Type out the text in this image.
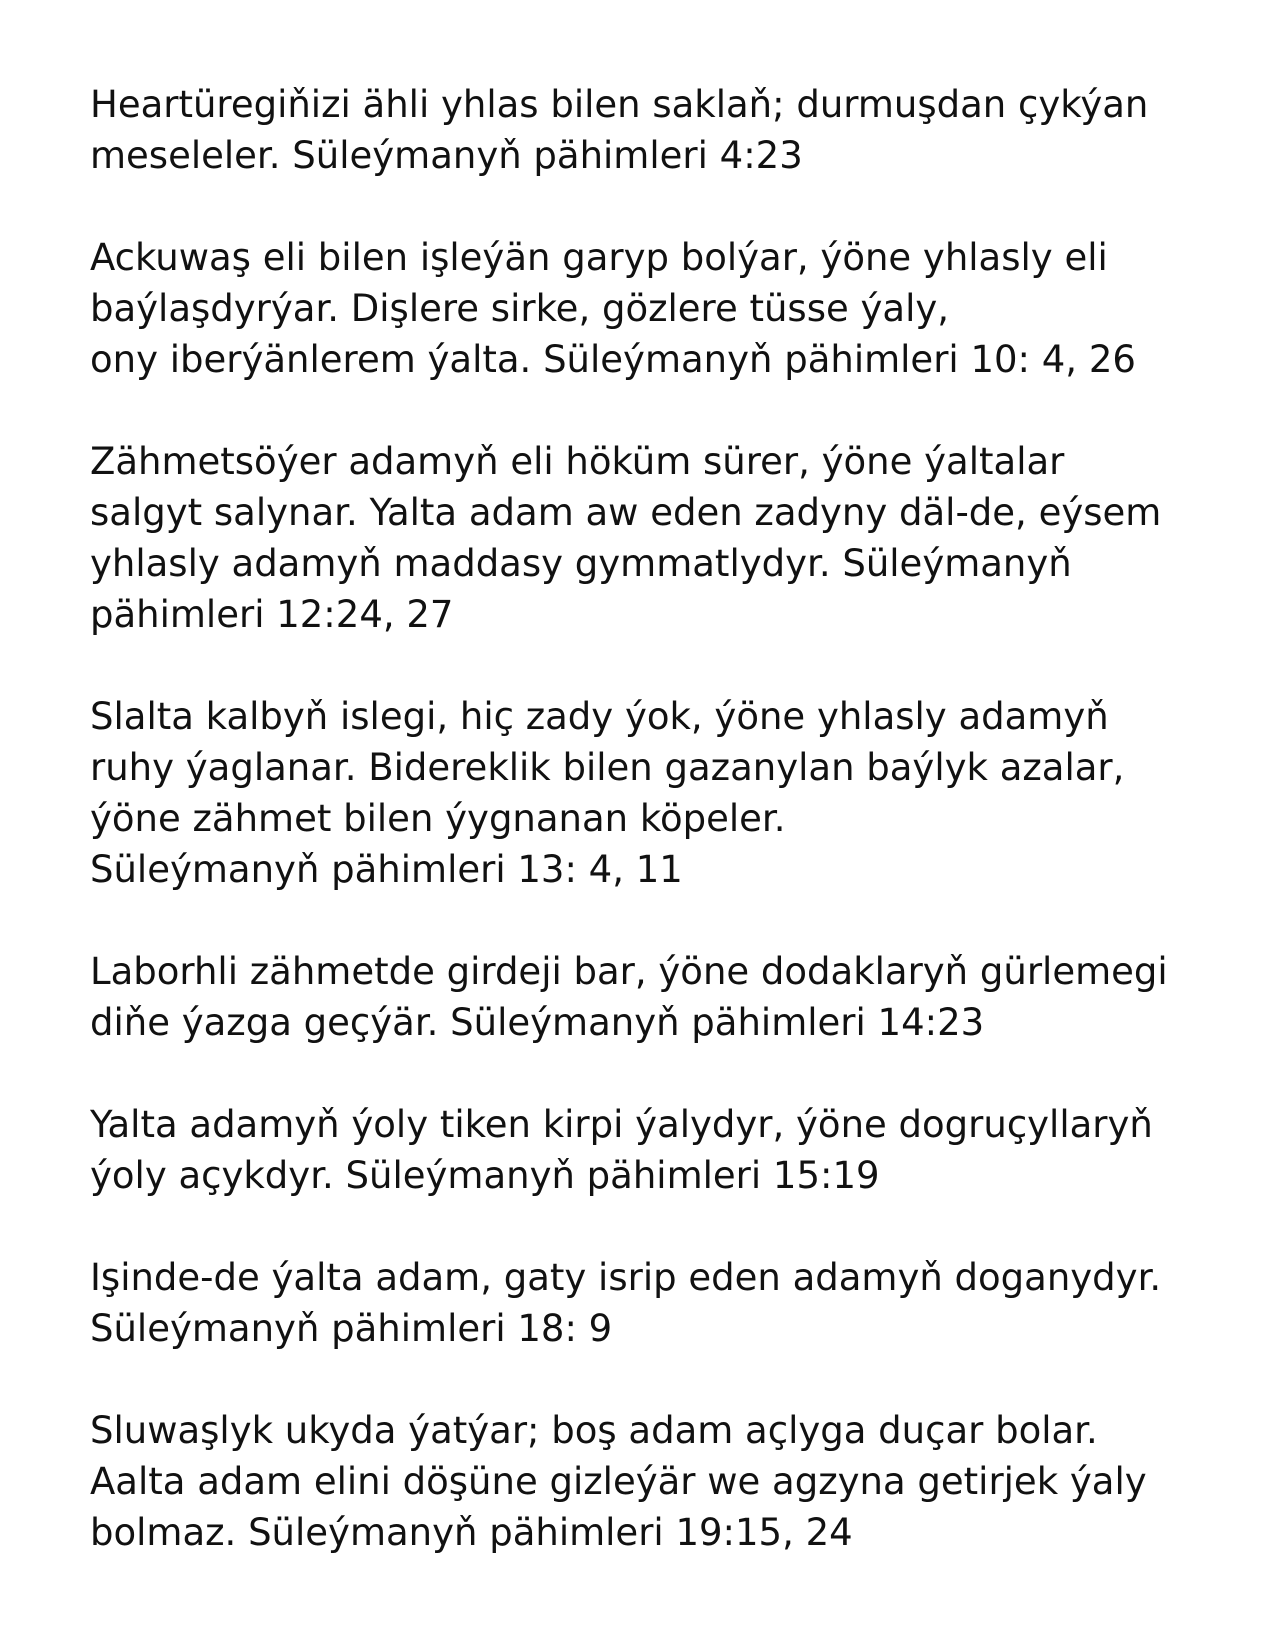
Heartüregiňizi ähli yhlas bilen saklaň; durmuşdan çykýan
meseleler. Süleýmanyň pähimleri 4:23

Ackuwaş eli bilen işleýän garyp bolýar, ýöne yhlasly eli
baýlaşdyrýar. Dişlere sirke, gözlere tüsse ýaly,
ony iberýänlerem ýalta. Süleýmanyň pähimleri 10: 4, 26

Zähmetsöýer adamyň eli höküm sürer, ýöne ýaltalar
salgyt salynar. Yalta adam aw eden zadyny däl-de, eýsem
yhlasly adamyň maddasy gymmatlydyr. Süleýmanyň
pähimleri 12:24, 27

Slalta kalbyň islegi, hiç zady ýok, ýöne yhlasly adamyň
ruhy ýaglanar. Bidereklik bilen gazanylan baýlyk azalar,
ýöne zähmet bilen ýygnanan köpeler.
Süleýmanyň pähimleri 13: 4, 11

Laborhli zähmetde girdeji bar, ýöne dodaklaryň gürlemegi
diňe ýazga geçýär. Süleýmanyň pähimleri 14:23

Yalta adamyň ýoly tiken kirpi ýalydyr, ýöne dogruçyllaryň
ýoly açykdyr. Süleýmanyň pähimleri 15:19

Işinde-de ýalta adam, gaty isrip eden adamyň doganydyr.
Süleýmanyň pähimleri 18: 9

Sluwaşlyk ukyda ýatýar; boş adam açlyga duçar bolar.
Aalta adam elini döşüne gizleýär we agzyna getirjek ýaly
bolmaz. Süleýmanyň pähimleri 19:15, 24
